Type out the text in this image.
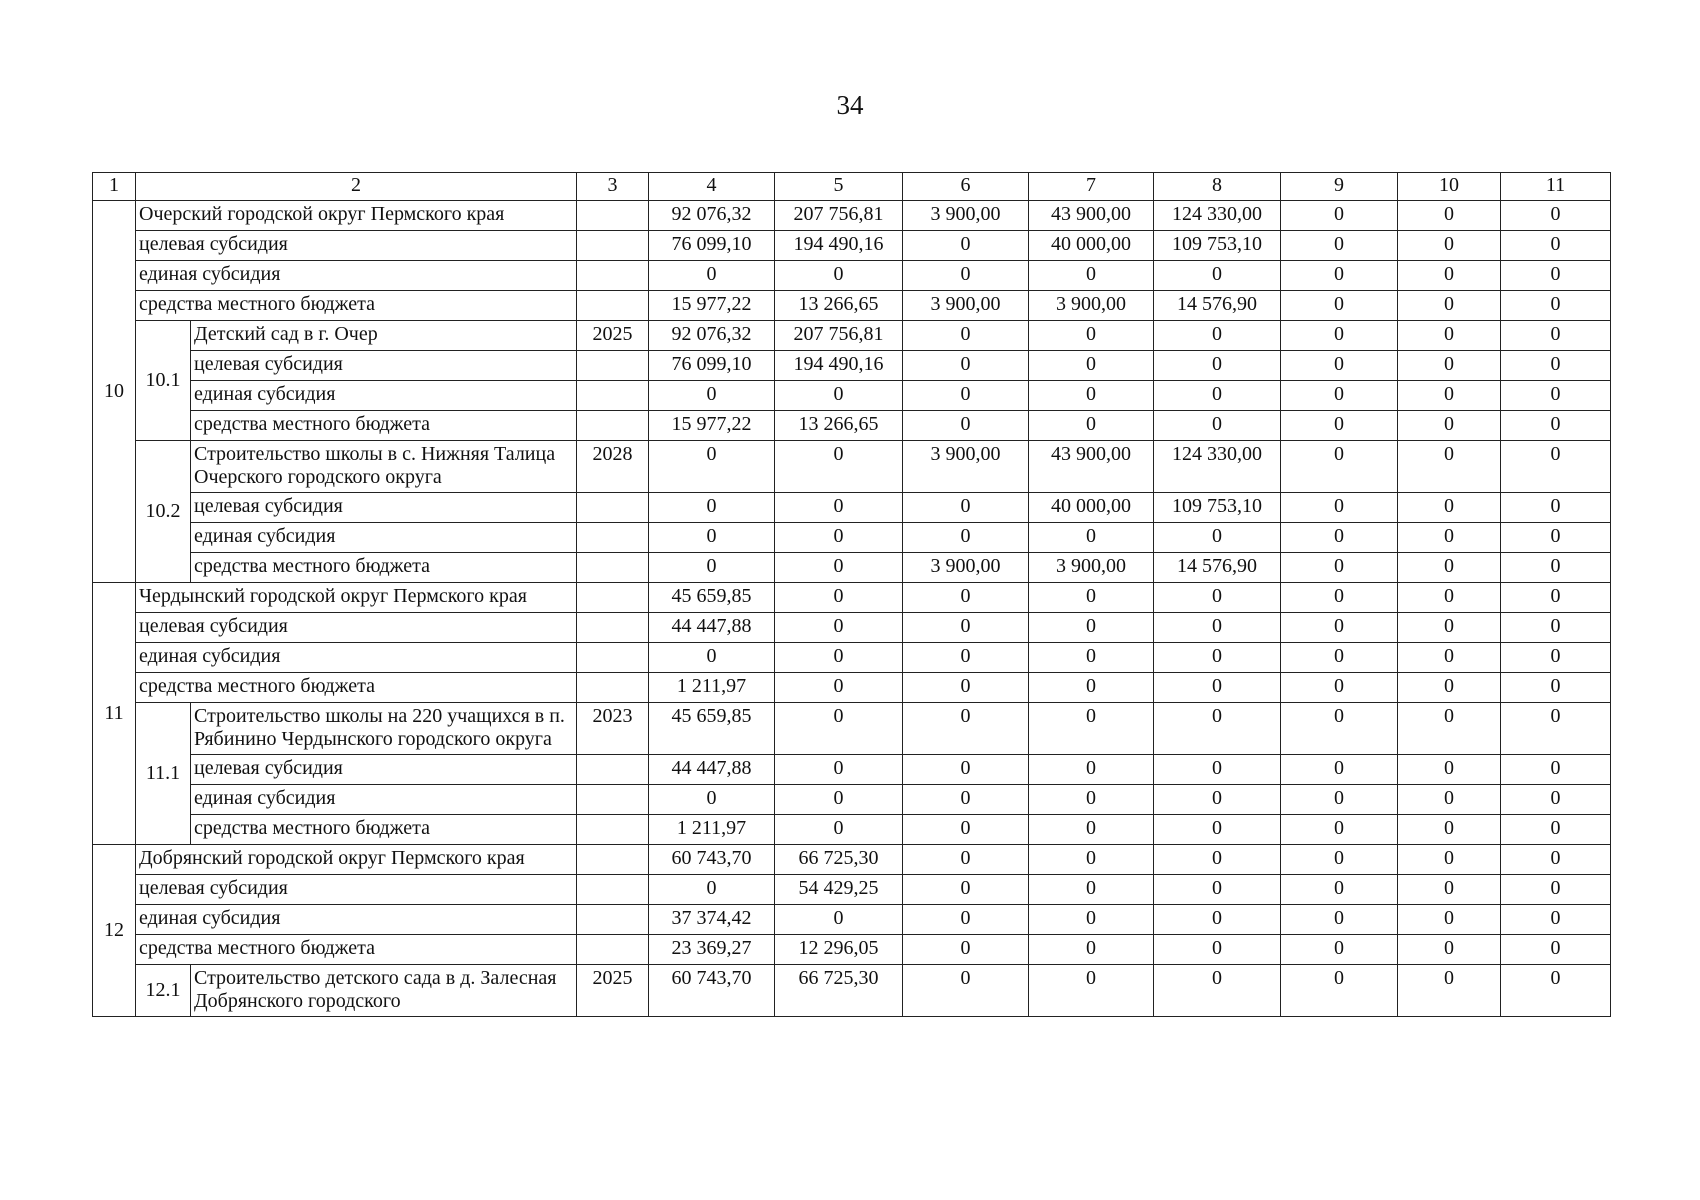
34
1	2		3	4	5	6	7	8	9	10	11
10	Очерский городской округ Пермского края			92 076,32	207 756,81	3 900,00	43 900,00	124 330,00	0	0	0
	целевая субсидия			76 099,10	194 490,16	0	40 000,00	109 753,10	0	0	0
	единая субсидия			0	0	0	0	0	0	0	0
	средства местного бюджета			15 977,22	13 266,65	3 900,00	3 900,00	14 576,90	0	0	0
	10.1	Детский сад в г. Очер	2025	92 076,32	207 756,81	0	0	0	0	0	0
		целевая субсидия		76 099,10	194 490,16	0	0	0	0	0	0
		единая субсидия		0	0	0	0	0	0	0	0
		средства местного бюджета		15 977,22	13 266,65	0	0	0	0	0	0
	10.2	Строительство школы в с. Нижняя Талица Очерского городского округа	2028	0	0	3 900,00	43 900,00	124 330,00	0	0	0
		целевая субсидия		0	0	0	40 000,00	109 753,10	0	0	0
		единая субсидия		0	0	0	0	0	0	0	0
		средства местного бюджета		0	0	3 900,00	3 900,00	14 576,90	0	0	0
11	Чердынский городской округ Пермского края			45 659,85	0	0	0	0	0	0	0
	целевая субсидия			44 447,88	0	0	0	0	0	0	0
	единая субсидия			0	0	0	0	0	0	0	0
	средства местного бюджета			1 211,97	0	0	0	0	0	0	0
	11.1	Строительство школы на 220 учащихся в п. Рябинино Чердынского городского округа	2023	45 659,85	0	0	0	0	0	0	0
		целевая субсидия		44 447,88	0	0	0	0	0	0	0
		единая субсидия		0	0	0	0	0	0	0	0
		средства местного бюджета		1 211,97	0	0	0	0	0	0	0
12	Добрянский городской округ Пермского края			60 743,70	66 725,30	0	0	0	0	0	0
	целевая субсидия			0	54 429,25	0	0	0	0	0	0
	единая субсидия			37 374,42	0	0	0	0	0	0	0
	средства местного бюджета			23 369,27	12 296,05	0	0	0	0	0	0
	12.1	Строительство детского сада в д. Залесная Добрянского городского	2025	60 743,70	66 725,30	0	0	0	0	0	0
